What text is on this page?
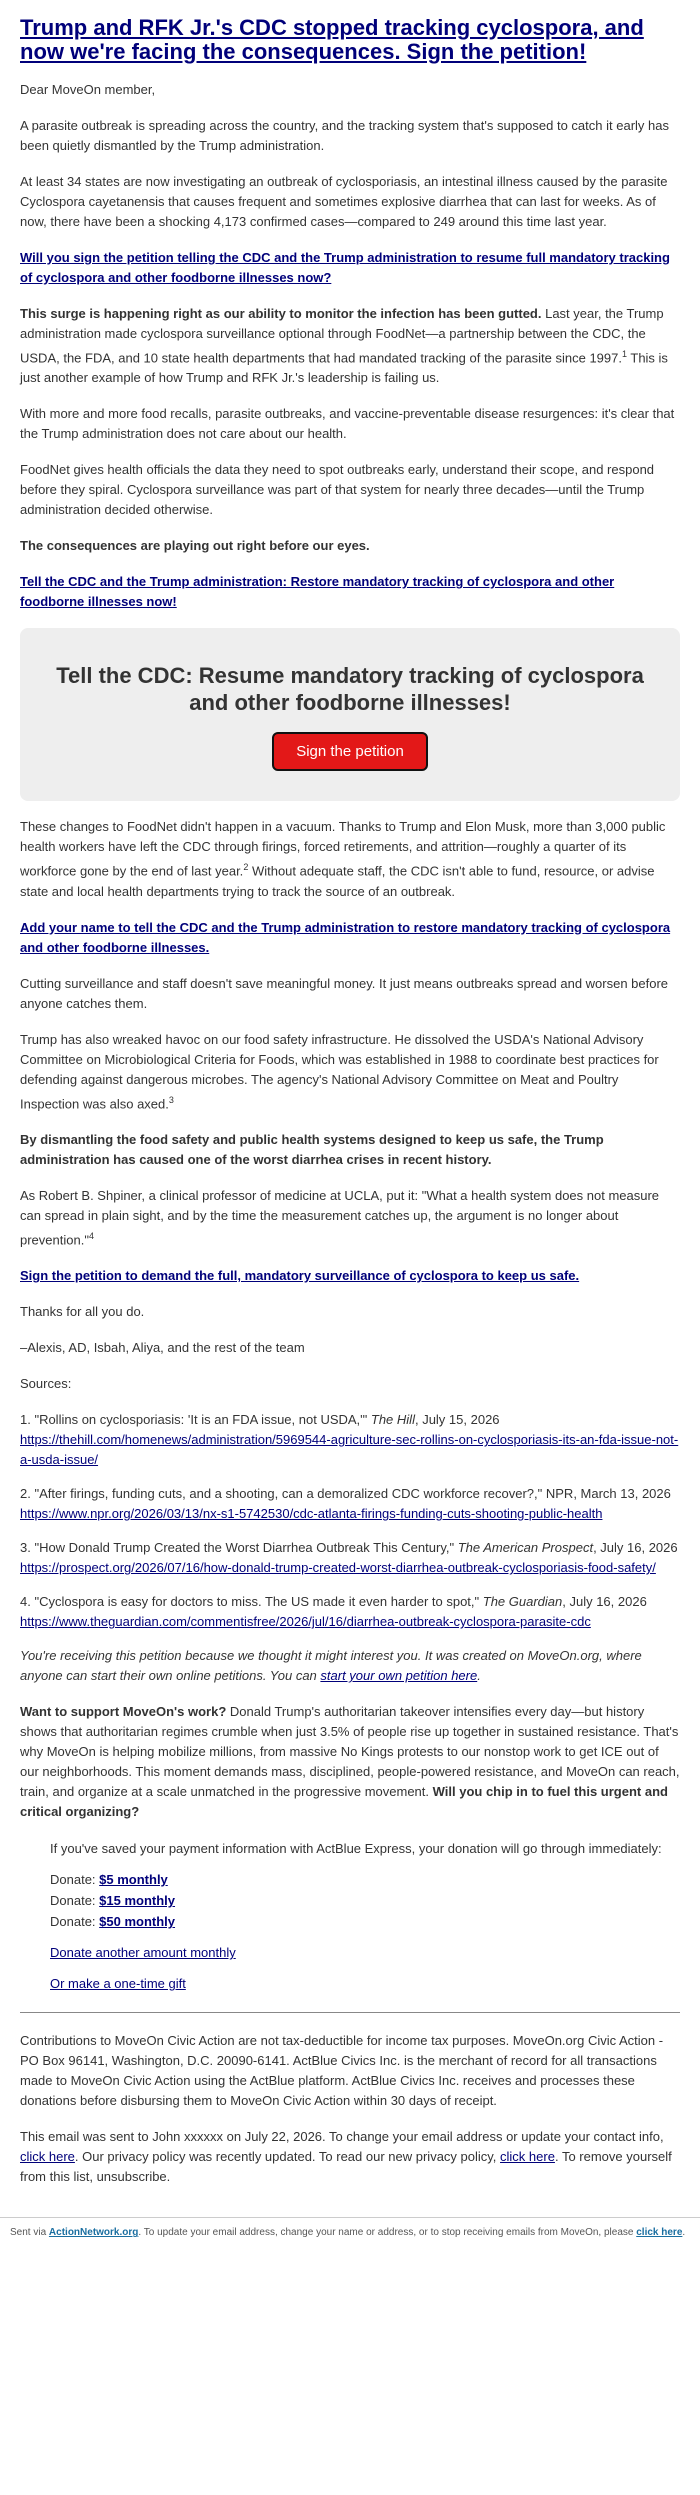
Trump and RFK Jr.'s CDC stopped tracking cyclospora, and now we're facing the consequences. Sign the petition!

Dear MoveOn member,

A parasite outbreak is spreading across the country, and the tracking system that's supposed to catch it early has been quietly dismantled by the Trump administration.

At least 34 states are now investigating an outbreak of cyclosporiasis, an intestinal illness caused by the parasite Cyclospora cayetanensis that causes frequent and sometimes explosive diarrhea that can last for weeks. As of now, there have been a shocking 4,173 confirmed cases—compared to 249 around this time last year.

Will you sign the petition telling the CDC and the Trump administration to resume full mandatory tracking of cyclospora and other foodborne illnesses now?

This surge is happening right as our ability to monitor the infection has been gutted. Last year, the Trump administration made cyclospora surveillance optional through FoodNet—a partnership between the CDC, the USDA, the FDA, and 10 state health departments that had mandated tracking of the parasite since 1997.$^1$ This is just another example of how Trump and RFK Jr.'s leadership is failing us.

With more and more food recalls, parasite outbreaks, and vaccine-preventable disease resurgences: it's clear that the Trump administration does not care about our health.

FoodNet gives health officials the data they need to spot outbreaks early, understand their scope, and respond before they spiral. Cyclospora surveillance was part of that system for nearly three decades—until the Trump administration decided otherwise.

The consequences are playing out right before our eyes.

Tell the CDC and the Trump administration: Restore mandatory tracking of cyclospora and other foodborne illnesses now!

Tell the CDC: Resume mandatory tracking of cyclospora and other foodborne illnesses!
Sign the petition

These changes to FoodNet didn't happen in a vacuum. Thanks to Trump and Elon Musk, more than 3,000 public health workers have left the CDC through firings, forced retirements, and attrition—roughly a quarter of its workforce gone by the end of last year.$^2$ Without adequate staff, the CDC isn't able to fund, resource, or advise state and local health departments trying to track the source of an outbreak.

Add your name to tell the CDC and the Trump administration to restore mandatory tracking of cyclospora and other foodborne illnesses.

Cutting surveillance and staff doesn't save meaningful money. It just means outbreaks spread and worsen before anyone catches them.

Trump has also wreaked havoc on our food safety infrastructure. He dissolved the USDA's National Advisory Committee on Microbiological Criteria for Foods, which was established in 1988 to coordinate best practices for defending against dangerous microbes. The agency's National Advisory Committee on Meat and Poultry Inspection was also axed.$^3$

By dismantling the food safety and public health systems designed to keep us safe, the Trump administration has caused one of the worst diarrhea crises in recent history.

As Robert B. Shpiner, a clinical professor of medicine at UCLA, put it: "What a health system does not measure can spread in plain sight, and by the time the measurement catches up, the argument is no longer about prevention."$^4$

Sign the petition to demand the full, mandatory surveillance of cyclospora to keep us safe.

Thanks for all you do.

–Alexis, AD, Isbah, Aliya, and the rest of the team

Sources:

1. "Rollins on cyclosporiasis: 'It is an FDA issue, not USDA,'" The Hill, July 15, 2026
https://thehill.com/homenews/administration/5969544-agriculture-sec-rollins-on-cyclosporiasis-its-an-fda-issue-not-a-usda-issue/
2. "After firings, funding cuts, and a shooting, can a demoralized CDC workforce recover?," NPR, March 13, 2026
https://www.npr.org/2026/03/13/nx-s1-5742530/cdc-atlanta-firings-funding-cuts-shooting-public-health
3. "How Donald Trump Created the Worst Diarrhea Outbreak This Century," The American Prospect, July 16, 2026
https://prospect.org/2026/07/16/how-donald-trump-created-worst-diarrhea-outbreak-cyclosporiasis-food-safety/
4. "Cyclospora is easy for doctors to miss. The US made it even harder to spot," The Guardian, July 16, 2026
https://www.theguardian.com/commentisfree/2026/jul/16/diarrhea-outbreak-cyclospora-parasite-cdc

You're receiving this petition because we thought it might interest you. It was created on MoveOn.org, where anyone can start their own online petitions. You can start your own petition here.

Want to support MoveOn's work? Donald Trump's authoritarian takeover intensifies every day—but history shows that authoritarian regimes crumble when just 3.5% of people rise up together in sustained resistance. That's why MoveOn is helping mobilize millions, from massive No Kings protests to our nonstop work to get ICE out of our neighborhoods. This moment demands mass, disciplined, people-powered resistance, and MoveOn can reach, train, and organize at a scale unmatched in the progressive movement. Will you chip in to fuel this urgent and critical organizing?

If you've saved your payment information with ActBlue Express, your donation will go through immediately:
Donate: $5 monthly
Donate: $15 monthly
Donate: $50 monthly
Donate another amount monthly
Or make a one-time gift

Contributions to MoveOn Civic Action are not tax-deductible for income tax purposes. MoveOn.org Civic Action - PO Box 96141, Washington, D.C. 20090-6141. ActBlue Civics Inc. is the merchant of record for all transactions made to MoveOn Civic Action using the ActBlue platform. ActBlue Civics Inc. receives and processes these donations before disbursing them to MoveOn Civic Action within 30 days of receipt.

This email was sent to John xxxxxx on July 22, 2026. To change your email address or update your contact info, click here. Our privacy policy was recently updated. To read our new privacy policy, click here. To remove yourself from this list, unsubscribe.

Sent via ActionNetwork.org. To update your email address, change your name or address, or to stop receiving emails from MoveOn, please click here.
